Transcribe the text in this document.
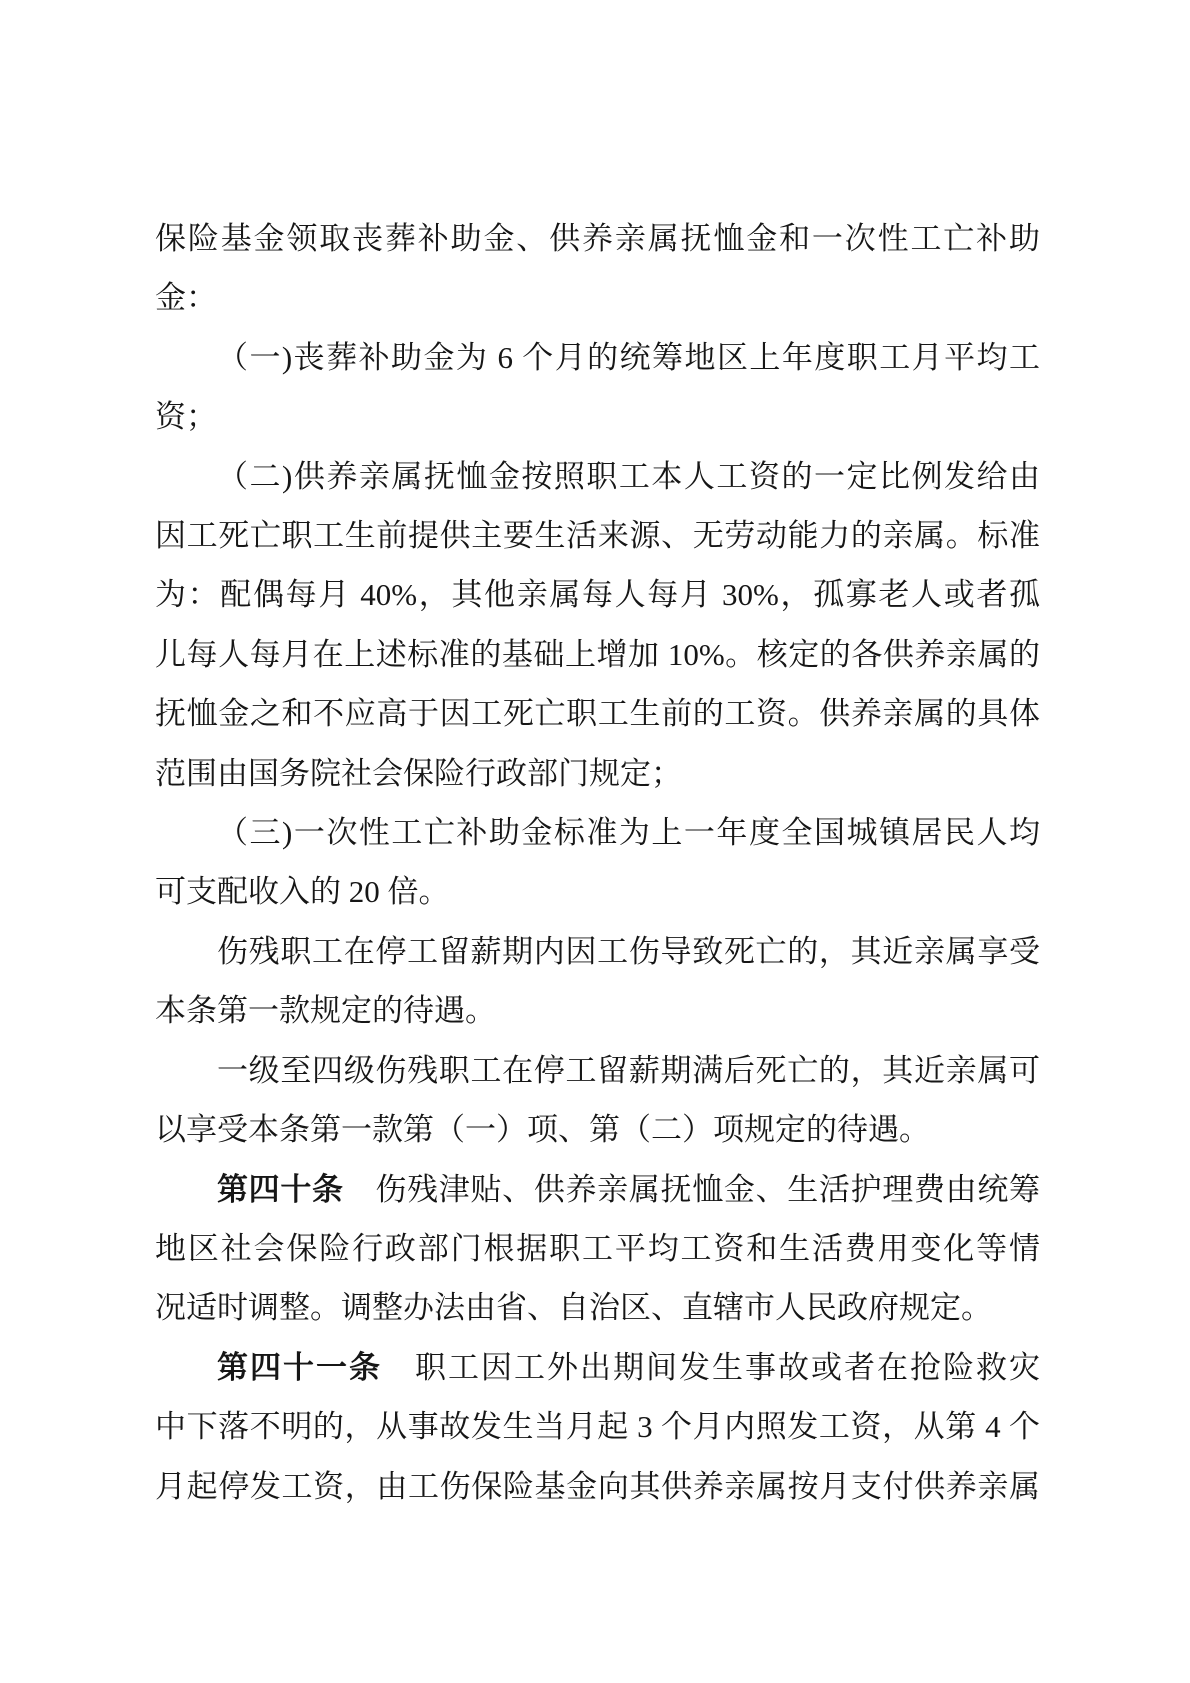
保险基金领取丧葬补助金、供养亲属抚恤金和一次性工亡补助
金：
（一)丧葬补助金为 6 个月的统筹地区上年度职工月平均工
资；
（二)供养亲属抚恤金按照职工本人工资的一定比例发给由
因工死亡职工生前提供主要生活来源、无劳动能力的亲属。标准
为：配偶每月 40%，其他亲属每人每月 30%，孤寡老人或者孤
儿每人每月在上述标准的基础上增加 10%。核定的各供养亲属的
抚恤金之和不应高于因工死亡职工生前的工资。供养亲属的具体
范围由国务院社会保险行政部门规定；
（三)一次性工亡补助金标准为上一年度全国城镇居民人均
可支配收入的 20 倍。
伤残职工在停工留薪期内因工伤导致死亡的，其近亲属享受
本条第一款规定的待遇。
一级至四级伤残职工在停工留薪期满后死亡的，其近亲属可
以享受本条第一款第（一）项、第（二）项规定的待遇。
第四十条　伤残津贴、供养亲属抚恤金、生活护理费由统筹
地区社会保险行政部门根据职工平均工资和生活费用变化等情
况适时调整。调整办法由省、自治区、直辖市人民政府规定。
第四十一条　职工因工外出期间发生事故或者在抢险救灾
中下落不明的，从事故发生当月起 3 个月内照发工资，从第 4 个
月起停发工资，由工伤保险基金向其供养亲属按月支付供养亲属
